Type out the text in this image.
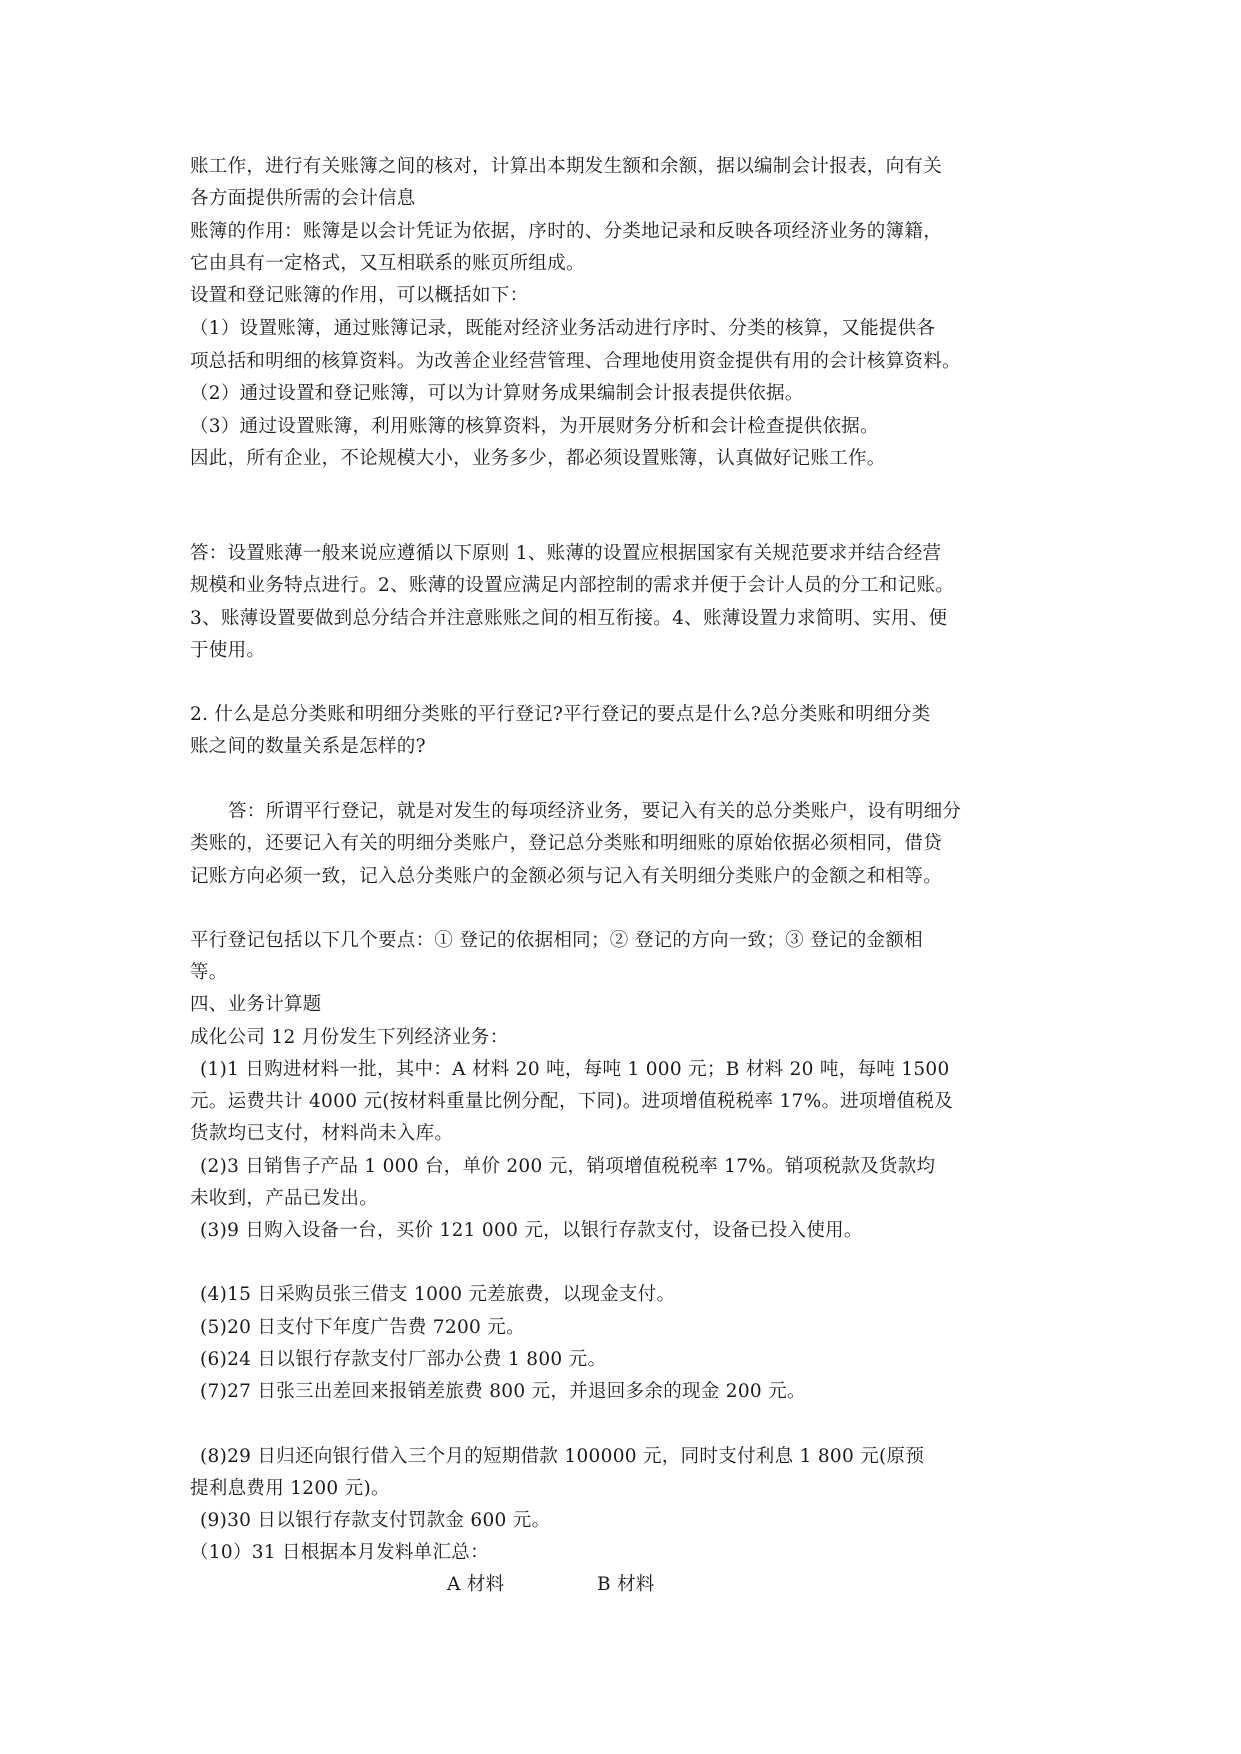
账工作，进行有关账簿之间的核对，计算出本期发生额和余额，据以编制会计报表，向有关
各方面提供所需的会计信息
账簿的作用：账簿是以会计凭证为依据，序时的、分类地记录和反映各项经济业务的簿籍，
它由具有一定格式，又互相联系的账页所组成。
设置和登记账簿的作用，可以概括如下：
（1）设置账簿，通过账簿记录，既能对经济业务活动进行序时、分类的核算，又能提供各
项总括和明细的核算资料。为改善企业经营管理、合理地使用资金提供有用的会计核算资料。
（2）通过设置和登记账簿，可以为计算财务成果编制会计报表提供依据。
（3）通过设置账簿，利用账簿的核算资料，为开展财务分析和会计检查提供依据。
因此，所有企业，不论规模大小，业务多少，都必须设置账簿，认真做好记账工作。
答：设置账薄一般来说应遵循以下原则 1、账薄的设置应根据国家有关规范要求并结合经营
规模和业务特点进行。2、账薄的设置应满足内部控制的需求并便于会计人员的分工和记账。
3、账薄设置要做到总分结合并注意账账之间的相互衔接。4、账薄设置力求简明、实用、便
于使用。
2. 什么是总分类账和明细分类账的平行登记?平行登记的要点是什么?总分类账和明细分类
账之间的数量关系是怎样的?
答：所谓平行登记，就是对发生的每项经济业务，要记入有关的总分类账户，设有明细分
类账的，还要记入有关的明细分类账户，登记总分类账和明细账的原始依据必须相同，借贷
记账方向必须一致，记入总分类账户的金额必须与记入有关明细分类账户的金额之和相等。
平行登记包括以下几个要点：① 登记的依据相同；② 登记的方向一致；③ 登记的金额相
等。
四、业务计算题
成化公司 12 月份发生下列经济业务：
(1)1 日购进材料一批，其中：A 材料 20 吨，每吨 1 000 元；B 材料 20 吨，每吨 1500
元。运费共计 4000 元(按材料重量比例分配，下同)。进项增值税税率 17%。进项增值税及
货款均已支付，材料尚未入库。
(2)3 日销售子产品 1 000 台，单价 200 元，销项增值税税率 17%。销项税款及货款均
未收到，产品已发出。
(3)9 日购入设备一台，买价 121 000 元，以银行存款支付，设备已投入使用。
(4)15 日采购员张三借支 1000 元差旅费，以现金支付。
(5)20 日支付下年度广告费 7200 元。
(6)24 日以银行存款支付厂部办公费 1 800 元。
(7)27 日张三出差回来报销差旅费 800 元，并退回多余的现金 200 元。
(8)29 日归还向银行借入三个月的短期借款 100000 元，同时支付利息 1 800 元(原预
提利息费用 1200 元)。
(9)30 日以银行存款支付罚款金 600 元。
（10）31 日根据本月发料单汇总：
A 材料	B 材料
